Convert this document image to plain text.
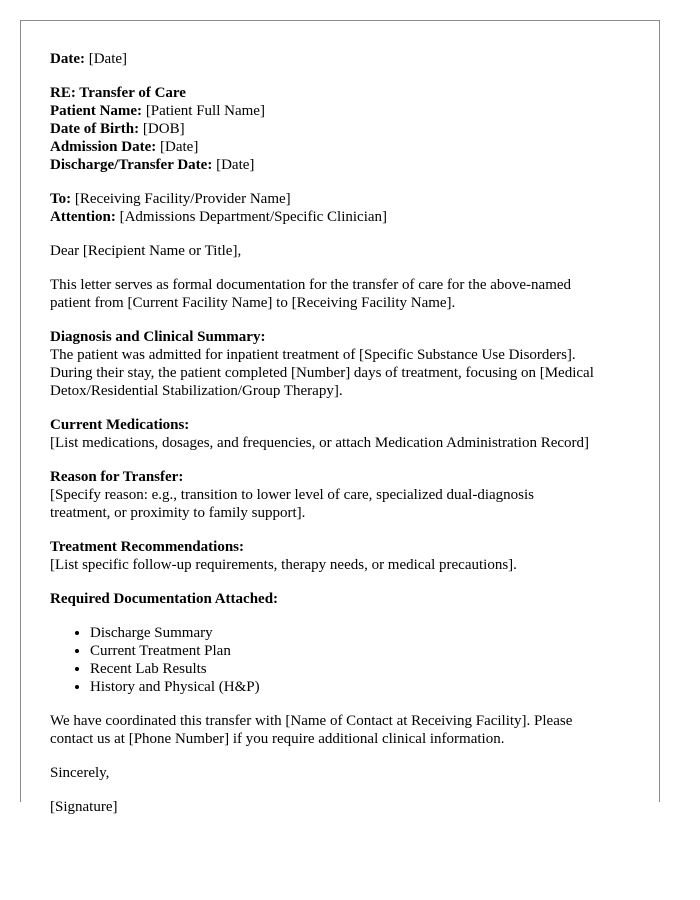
Date: [Date]

RE: Transfer of Care
Patient Name: [Patient Full Name]
Date of Birth: [DOB]
Admission Date: [Date]
Discharge/Transfer Date: [Date]

To: [Receiving Facility/Provider Name]
Attention: [Admissions Department/Specific Clinician]

Dear [Recipient Name or Title],

This letter serves as formal documentation for the transfer of care for the above-named
patient from [Current Facility Name] to [Receiving Facility Name].

Diagnosis and Clinical Summary:
The patient was admitted for inpatient treatment of [Specific Substance Use Disorders].
During their stay, the patient completed [Number] days of treatment, focusing on [Medical
Detox/Residential Stabilization/Group Therapy].

Current Medications:
[List medications, dosages, and frequencies, or attach Medication Administration Record]

Reason for Transfer:
[Specify reason: e.g., transition to lower level of care, specialized dual-diagnosis
treatment, or proximity to family support].

Treatment Recommendations:
[List specific follow-up requirements, therapy needs, or medical precautions].

Required Documentation Attached:

• Discharge Summary
• Current Treatment Plan
• Recent Lab Results
• History and Physical (H&P)

We have coordinated this transfer with [Name of Contact at Receiving Facility]. Please
contact us at [Phone Number] if you require additional clinical information.

Sincerely,

[Signature]
